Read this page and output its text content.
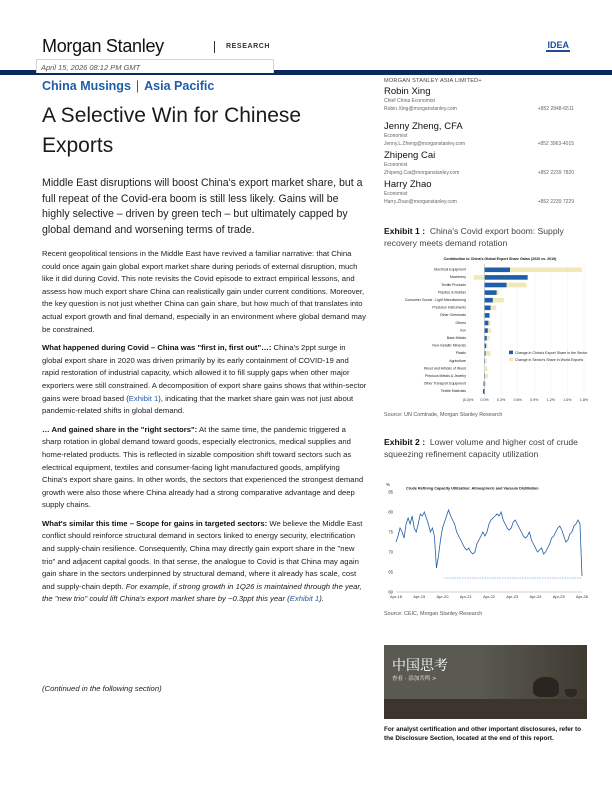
Morgan Stanley	RESEARCH	IDEA
April 15, 2026 08:12 PM GMT
China Musings | Asia Pacific
A Selective Win for Chinese Exports
Middle East disruptions will boost China's export market share, but a full repeat of the Covid-era boom is still less likely. Gains will be highly selective – driven by green tech – but ultimately capped by global demand and worsening terms of trade.

Recent geopolitical tensions in the Middle East have revived a familiar narrative: that China could once again gain global export market share during periods of external disruption, much like it did during Covid. This note revisits the Covid episode to extract empirical lessons, and assess how much export share China can realistically gain under current conditions. Moreover, the key question is not just whether China can gain share, but how much of that translates into actual export growth and final demand, especially in an environment where global demand may be constrained.

What happened during Covid – China was "first in, first out"…: China's 2ppt surge in global export share in 2020 was driven primarily by its early containment of COVID-19 and rapid restoration of industrial capacity, which allowed it to fill supply gaps when other major exporters were still constrained. A decomposition of export share gains shows that within-sector gains were broad based (Exhibit 1), indicating that the market share gain was not just about pandemic-related shifts in global demand.

… And gained share in the "right sectors": At the same time, the pandemic triggered a sharp rotation in global demand toward goods, especially electronics, medical supplies and home-related products. This is reflected in sizable composition shift toward sectors such as electrical equipment, textiles and consumer-facing light manufactured goods, amplifying China's export share gains. In other words, the sectors that experienced the strongest demand growth were also those where China already had a strong comparative advantage and deep supply chains.

What's similar this time – Scope for gains in targeted sectors: We believe the Middle East conflict should reinforce structural demand in sectors linked to energy security, electrification and supply-chain resilience. Consequently, China may directly gain export share in the "new trio" and adjacent capital goods. In that sense, the analogue to Covid is that China may again gain share in the sectors underpinned by structural demand, where it already has scale, cost and supply-chain depth. For example, if strong growth in 1Q26 is maintained through the year, the "new trio" could lift China's export market share by ~0.3ppt this year (Exhibit 1).

(Continued in the following section)
MORGAN STANLEY ASIA LIMITED+
Robin Xing
Chief China Economist
Robin.Xing@morganstanley.com	+852 2848-6511
Jenny Zheng, CFA
Economist
Jenny.L.Zheng@morganstanley.com	+852 3963-4015
Zhipeng Cai
Economist
Zhipeng.Cai@morganstanley.com	+852 2239 7820
Harry Zhao
Economist
Harry.Zhao@morganstanley.com	+852 2239 7229
Exhibit 1 : China's Covid export boom: Supply recovery meets demand rotation
Contribution to China's Global Export Share Gains (2020 vs. 2019)
(0.3)% 0.0% 0.3% 0.6% 0.9% 1.2% 1.5% 1.8%
Electrical Equipment
Machinery
Textile Products
Plastics & Rubber
Consumer Goods - Light Manufacturing
Precision Instruments
Other Chemicals
Others
Iron
Base Metals
Non-metallic Minerals
Plastic
Agriculture
Wood and Articles of Wood
Precious Metals & Jewelry
Other Transport Equipment
Textile Materials
Change in China's Export Share in the Sector
Change in Sector's Share in World Exports
Source: UN Comtrade, Morgan Stanley Research
Exhibit 2 : Lower volume and higher cost of crude squeezing refinement capacity utilization
%
Crude Refining Capacity Utilization: Atmospheric and Vacuum Distillation
60
65
70
75
80
85
Apr-18	Apr-19	Apr-20	Apr-21	Apr-22	Apr-23	Apr-24	Apr-25	Apr-26
Source: CEIC, Morgan Stanley Research
中国思考
查看 · 添加共鸣 >
For analyst certification and other important disclosures, refer to the Disclosure Section, located at the end of this report.
